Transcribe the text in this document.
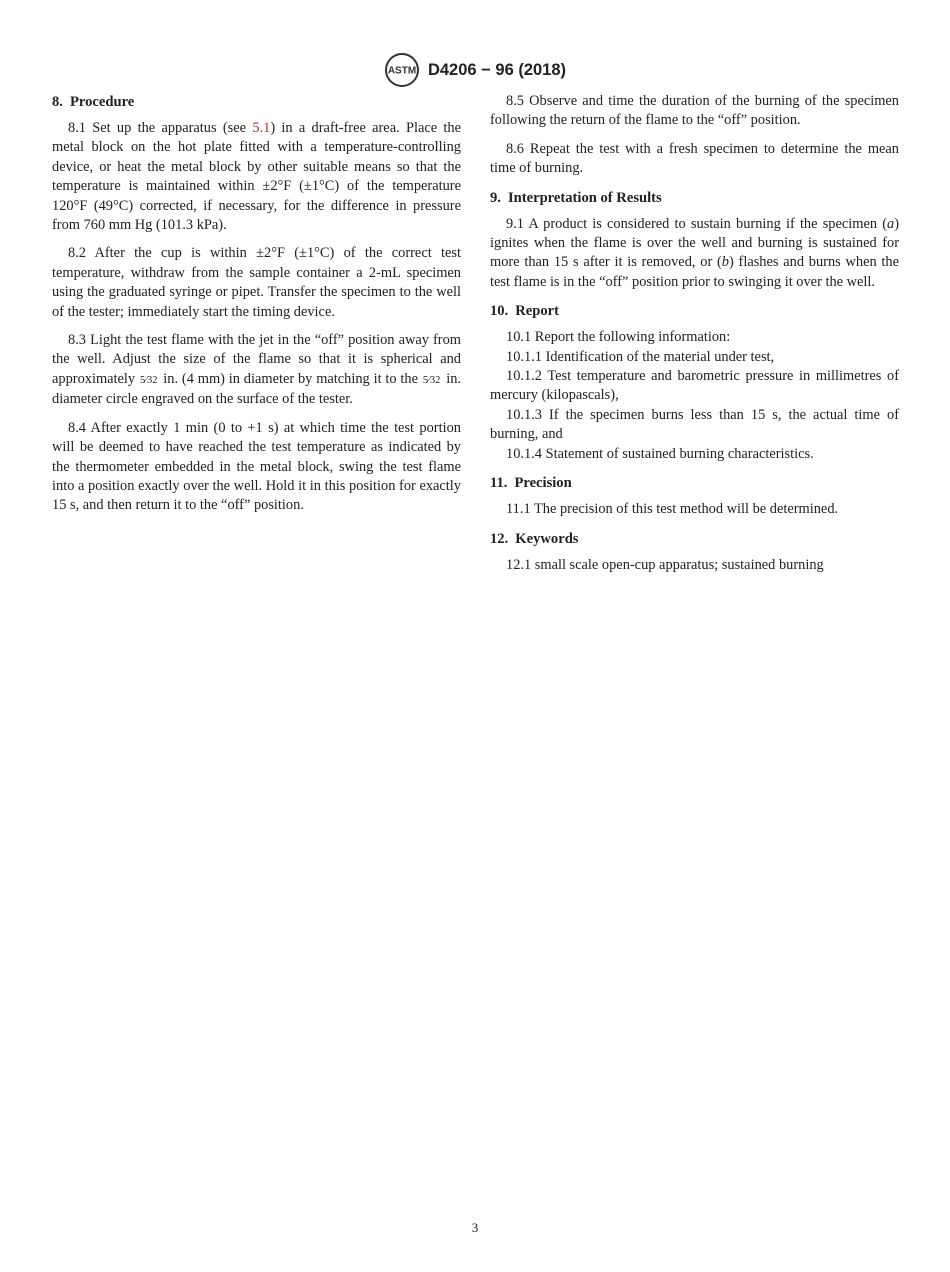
ASTM D4206 − 96 (2018)
8. Procedure

8.1 Set up the apparatus (see 5.1) in a draft-free area. Place the metal block on the hot plate fitted with a temperature-controlling device, or heat the metal block by other suitable means so that the temperature is maintained within ±2°F (±1°C) of the temperature 120°F (49°C) corrected, if necessary, for the difference in pressure from 760 mm Hg (101.3 kPa).

8.2 After the cup is within ±2°F (±1°C) of the correct test temperature, withdraw from the sample container a 2-mL specimen using the graduated syringe or pipet. Transfer the specimen to the well of the tester; immediately start the timing device.

8.3 Light the test flame with the jet in the “off” position away from the well. Adjust the size of the flame so that it is spherical and approximately 5⁄32 in. (4 mm) in diameter by matching it to the 5⁄32 in. diameter circle engraved on the surface of the tester.

8.4 After exactly 1 min (0 to +1 s) at which time the test portion will be deemed to have reached the test temperature as indicated by the thermometer embedded in the metal block, swing the test flame into a position exactly over the well. Hold it in this position for exactly 15 s, and then return it to the “off” position.

8.5 Observe and time the duration of the burning of the specimen following the return of the flame to the “off” position.

8.6 Repeat the test with a fresh specimen to determine the mean time of burning.

9. Interpretation of Results

9.1 A product is considered to sustain burning if the specimen (a) ignites when the flame is over the well and burning is sustained for more than 15 s after it is removed, or (b) flashes and burns when the test flame is in the “off” position prior to swinging it over the well.

10. Report

10.1 Report the following information:

10.1.1 Identification of the material under test,

10.1.2 Test temperature and barometric pressure in millimetres of mercury (kilopascals),

10.1.3 If the specimen burns less than 15 s, the actual time of burning, and

10.1.4 Statement of sustained burning characteristics.

11. Precision

11.1 The precision of this test method will be determined.

12. Keywords

12.1 small scale open-cup apparatus; sustained burning

3
